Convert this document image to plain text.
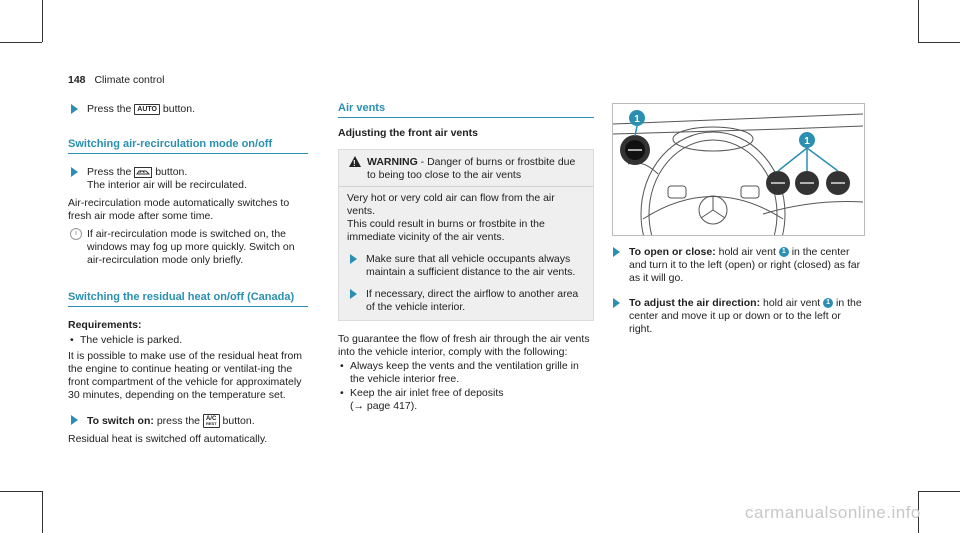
148 Climate control

Press the AUTO button.

Switching air-recirculation mode on/off

Press the button.
The interior air will be recirculated.

Air-recirculation mode automatically switches to fresh air mode after some time.

i If air-recirculation mode is switched on, the windows may fog up more quickly. Switch on air-recirculation mode only briefly.

Switching the residual heat on/off (Canada)

Requirements:

• The vehicle is parked.

It is possible to make use of the residual heat from the engine to continue heating or ventilat-ing the front compartment of the vehicle for approximately 30 minutes, depending on the temperature set.

To switch on: press the A/C
REST button.

Residual heat is switched off automatically.

Air vents

Adjusting the front air vents

!
WARNING - Danger of burns or frostbite due to being too close to the air vents

Very hot or very cold air can flow from the air vents.

This could result in burns or frostbite in the immediate vicinity of the air vents.

Make sure that all vehicle occupants always maintain a sufficient distance to the air vents.

If necessary, direct the airflow to another area of the vehicle interior.

To guarantee the flow of fresh air through the air vents into the vehicle interior, comply with the following:

• Always keep the vents and the ventilation grille in the vehicle interior free.

• Keep the air inlet free of deposits
(→ page 417).

1
1

To open or close: hold air vent 1 in the center and turn it to the left (open) or right (closed) as far as it will go.

To adjust the air direction: hold air vent 1 in the center and move it up or down or to the left or right.

carmanualsonline.info
